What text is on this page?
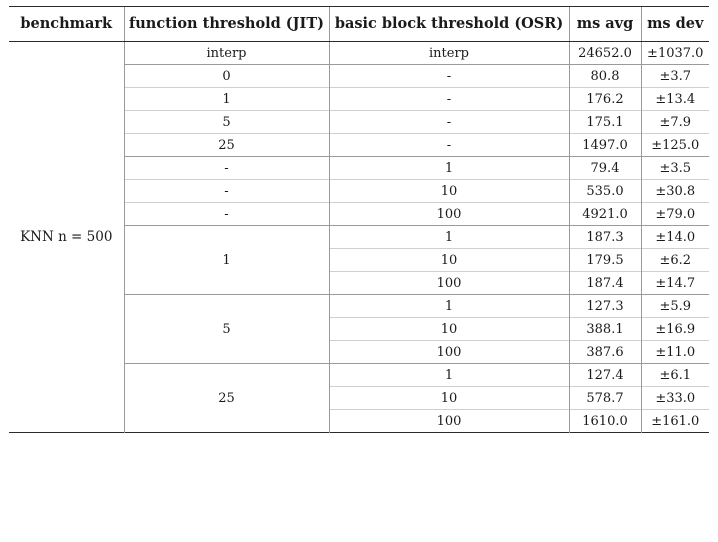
benchmark	function threshold (JIT)	basic block threshold (OSR)	ms avg	ms dev
KNN n = 500	interp	interp	24652.0	±1037.0
	0	-	80.8	±3.7
	1	-	176.2	±13.4
	5	-	175.1	±7.9
	25	-	1497.0	±125.0
	-	1	79.4	±3.5
	-	10	535.0	±30.8
	-	100	4921.0	±79.0
	1	1	187.3	±14.0
		10	179.5	±6.2
		100	187.4	±14.7
	5	1	127.3	±5.9
		10	388.1	±16.9
		100	387.6	±11.0
	25	1	127.4	±6.1
		10	578.7	±33.0
		100	1610.0	±161.0
